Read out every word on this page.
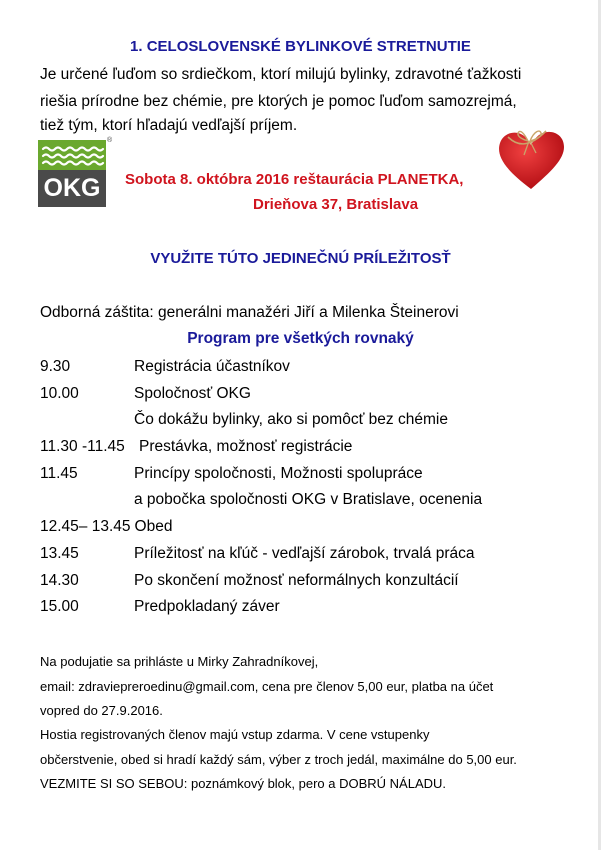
1. CELOSLOVENSKÉ BYLINKOVÉ STRETNUTIE
Je určené ľuďom so srdiečkom, ktorí milujú bylinky, zdravotné ťažkosti
riešia prírodne bez chémie, pre ktorých je pomoc ľuďom samozrejmá,
tiež tým, ktorí hľadajú vedľajší príjem.
OKG
®
Sobota 8. októbra 2016 reštaurácia PLANETKA,
Drieňova 37, Bratislava
VYUŽITE TÚTO JEDINEČNÚ PRÍLEŽITOSŤ
Odborná záštita: generálni manažéri Jiří a Milenka Šteinerovi
Program pre všetkých rovnaký
9.30	Registrácia účastníkov
10.00	Spoločnosť OKG
Čo dokážu bylinky, ako si pomôcť bez chémie
11.30 -11.45 Prestávka, možnosť registrácie
11.45	Princípy spoločnosti, Možnosti spolupráce
a pobočka spoločnosti OKG v Bratislave, ocenenia
12.45– 13.45 Obed
13.45	Príležitosť na kľúč - vedľajší zárobok, trvalá práca
14.30	Po skončení možnosť neformálnych konzultácií
15.00	Predpokladaný záver
Na podujatie sa prihláste u Mirky Zahradníkovej,
email: zdraviepreroedinu@gmail.com, cena pre členov 5,00 eur, platba na účet
vopred do 27.9.2016.
Hostia registrovaných členov majú vstup zdarma. V cene vstupenky
občerstvenie, obed si hradí každý sám, výber z troch jedál, maximálne do 5,00 eur.
VEZMITE SI SO SEBOU: poznámkový blok, pero a DOBRÚ NÁLADU.
